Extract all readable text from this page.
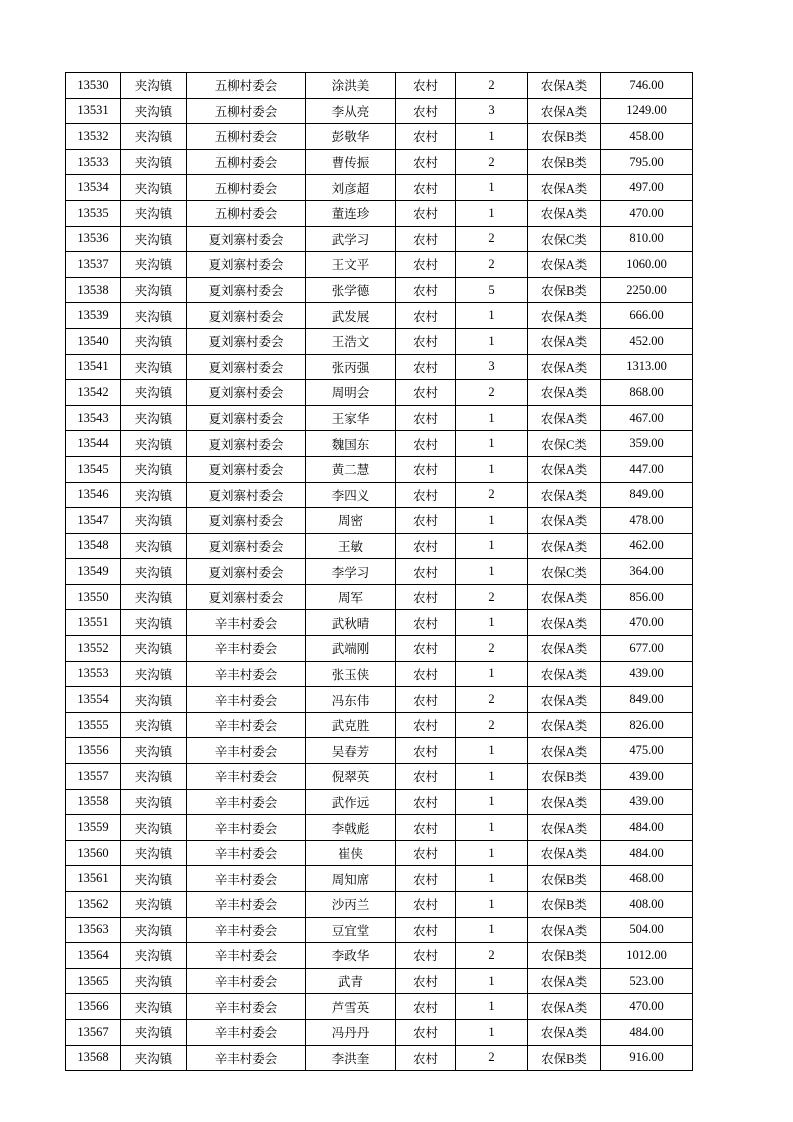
13530	夹沟镇	五柳村委会	涂洪美	农村	2	农保A类	746.00
13531	夹沟镇	五柳村委会	李从亮	农村	3	农保A类	1249.00
13532	夹沟镇	五柳村委会	彭敬华	农村	1	农保B类	458.00
13533	夹沟镇	五柳村委会	曹传振	农村	2	农保B类	795.00
13534	夹沟镇	五柳村委会	刘彦超	农村	1	农保A类	497.00
13535	夹沟镇	五柳村委会	董连珍	农村	1	农保A类	470.00
13536	夹沟镇	夏刘寨村委会	武学习	农村	2	农保C类	810.00
13537	夹沟镇	夏刘寨村委会	王文平	农村	2	农保A类	1060.00
13538	夹沟镇	夏刘寨村委会	张学德	农村	5	农保B类	2250.00
13539	夹沟镇	夏刘寨村委会	武发展	农村	1	农保A类	666.00
13540	夹沟镇	夏刘寨村委会	王浩文	农村	1	农保A类	452.00
13541	夹沟镇	夏刘寨村委会	张丙强	农村	3	农保A类	1313.00
13542	夹沟镇	夏刘寨村委会	周明会	农村	2	农保A类	868.00
13543	夹沟镇	夏刘寨村委会	王家华	农村	1	农保A类	467.00
13544	夹沟镇	夏刘寨村委会	魏国东	农村	1	农保C类	359.00
13545	夹沟镇	夏刘寨村委会	黄二慧	农村	1	农保A类	447.00
13546	夹沟镇	夏刘寨村委会	李四义	农村	2	农保A类	849.00
13547	夹沟镇	夏刘寨村委会	周密	农村	1	农保A类	478.00
13548	夹沟镇	夏刘寨村委会	王敏	农村	1	农保A类	462.00
13549	夹沟镇	夏刘寨村委会	李学习	农村	1	农保C类	364.00
13550	夹沟镇	夏刘寨村委会	周军	农村	2	农保A类	856.00
13551	夹沟镇	辛丰村委会	武秋晴	农村	1	农保A类	470.00
13552	夹沟镇	辛丰村委会	武端刚	农村	2	农保A类	677.00
13553	夹沟镇	辛丰村委会	张玉侠	农村	1	农保A类	439.00
13554	夹沟镇	辛丰村委会	冯东伟	农村	2	农保A类	849.00
13555	夹沟镇	辛丰村委会	武克胜	农村	2	农保A类	826.00
13556	夹沟镇	辛丰村委会	吴春芳	农村	1	农保A类	475.00
13557	夹沟镇	辛丰村委会	倪翠英	农村	1	农保B类	439.00
13558	夹沟镇	辛丰村委会	武作远	农村	1	农保A类	439.00
13559	夹沟镇	辛丰村委会	李戟彪	农村	1	农保A类	484.00
13560	夹沟镇	辛丰村委会	崔侠	农村	1	农保A类	484.00
13561	夹沟镇	辛丰村委会	周知席	农村	1	农保B类	468.00
13562	夹沟镇	辛丰村委会	沙丙兰	农村	1	农保B类	408.00
13563	夹沟镇	辛丰村委会	豆宜堂	农村	1	农保A类	504.00
13564	夹沟镇	辛丰村委会	李政华	农村	2	农保B类	1012.00
13565	夹沟镇	辛丰村委会	武青	农村	1	农保A类	523.00
13566	夹沟镇	辛丰村委会	芦雪英	农村	1	农保A类	470.00
13567	夹沟镇	辛丰村委会	冯丹丹	农村	1	农保A类	484.00
13568	夹沟镇	辛丰村委会	李洪奎	农村	2	农保B类	916.00
